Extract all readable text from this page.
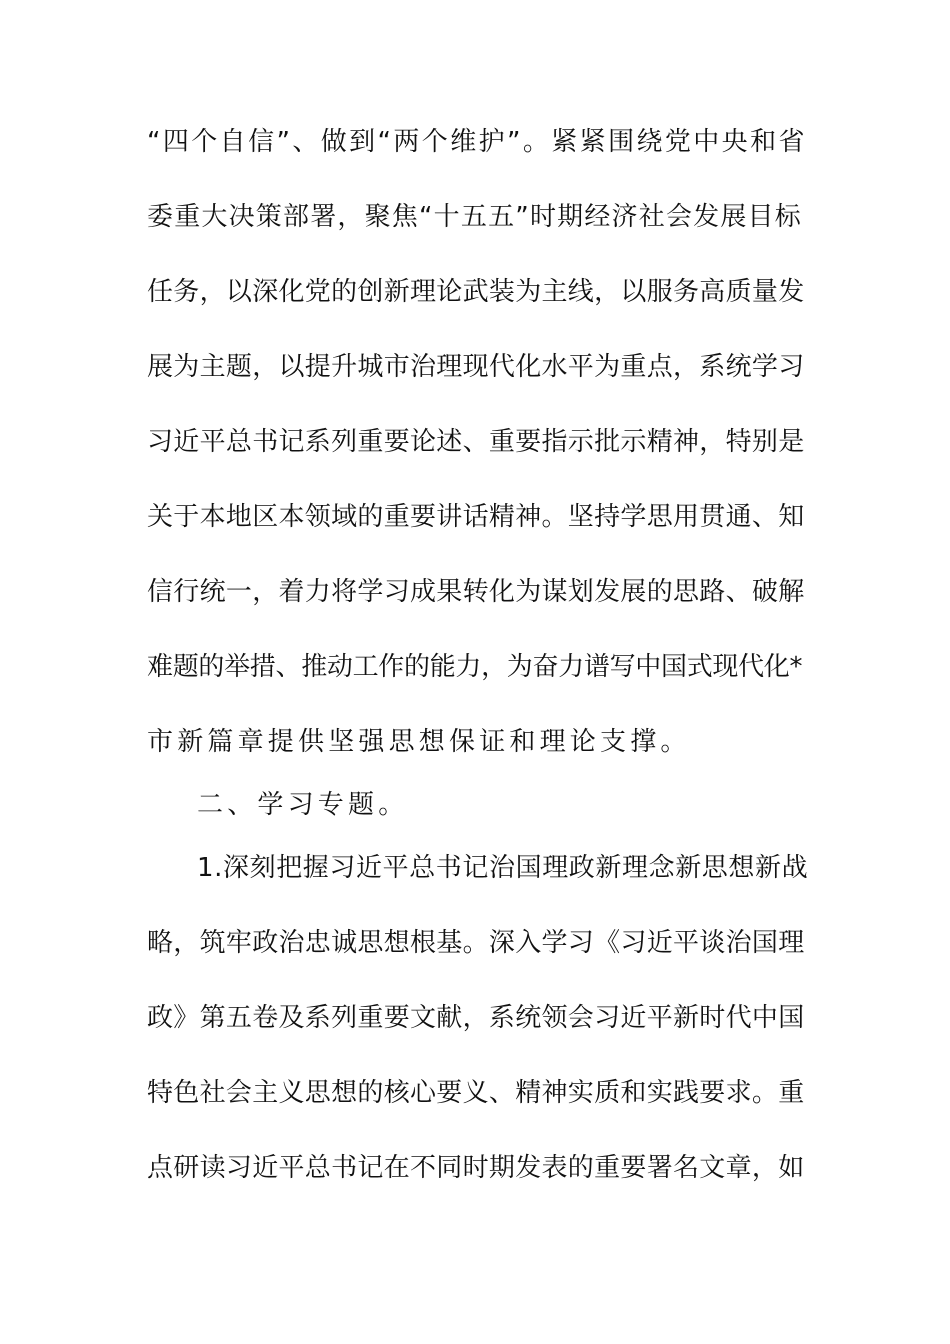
“四个自信”、做到“两个维护”。紧紧围绕党中央和省
委重大决策部署，聚焦“十五五”时期经济社会发展目标
任务，以深化党的创新理论武装为主线，以服务高质量发
展为主题，以提升城市治理现代化水平为重点，系统学习
习近平总书记系列重要论述、重要指示批示精神，特别是
关于本地区本领域的重要讲话精神。坚持学思用贯通、知
信行统一，着力将学习成果转化为谋划发展的思路、破解
难题的举措、推动工作的能力，为奋力谱写中国式现代化*
市新篇章提供坚强思想保证和理论支撑。
二、学习专题。
1.深刻把握习近平总书记治国理政新理念新思想新战
略，筑牢政治忠诚思想根基。深入学习《习近平谈治国理
政》第五卷及系列重要文献，系统领会习近平新时代中国
特色社会主义思想的核心要义、精神实质和实践要求。重
点研读习近平总书记在不同时期发表的重要署名文章，如
